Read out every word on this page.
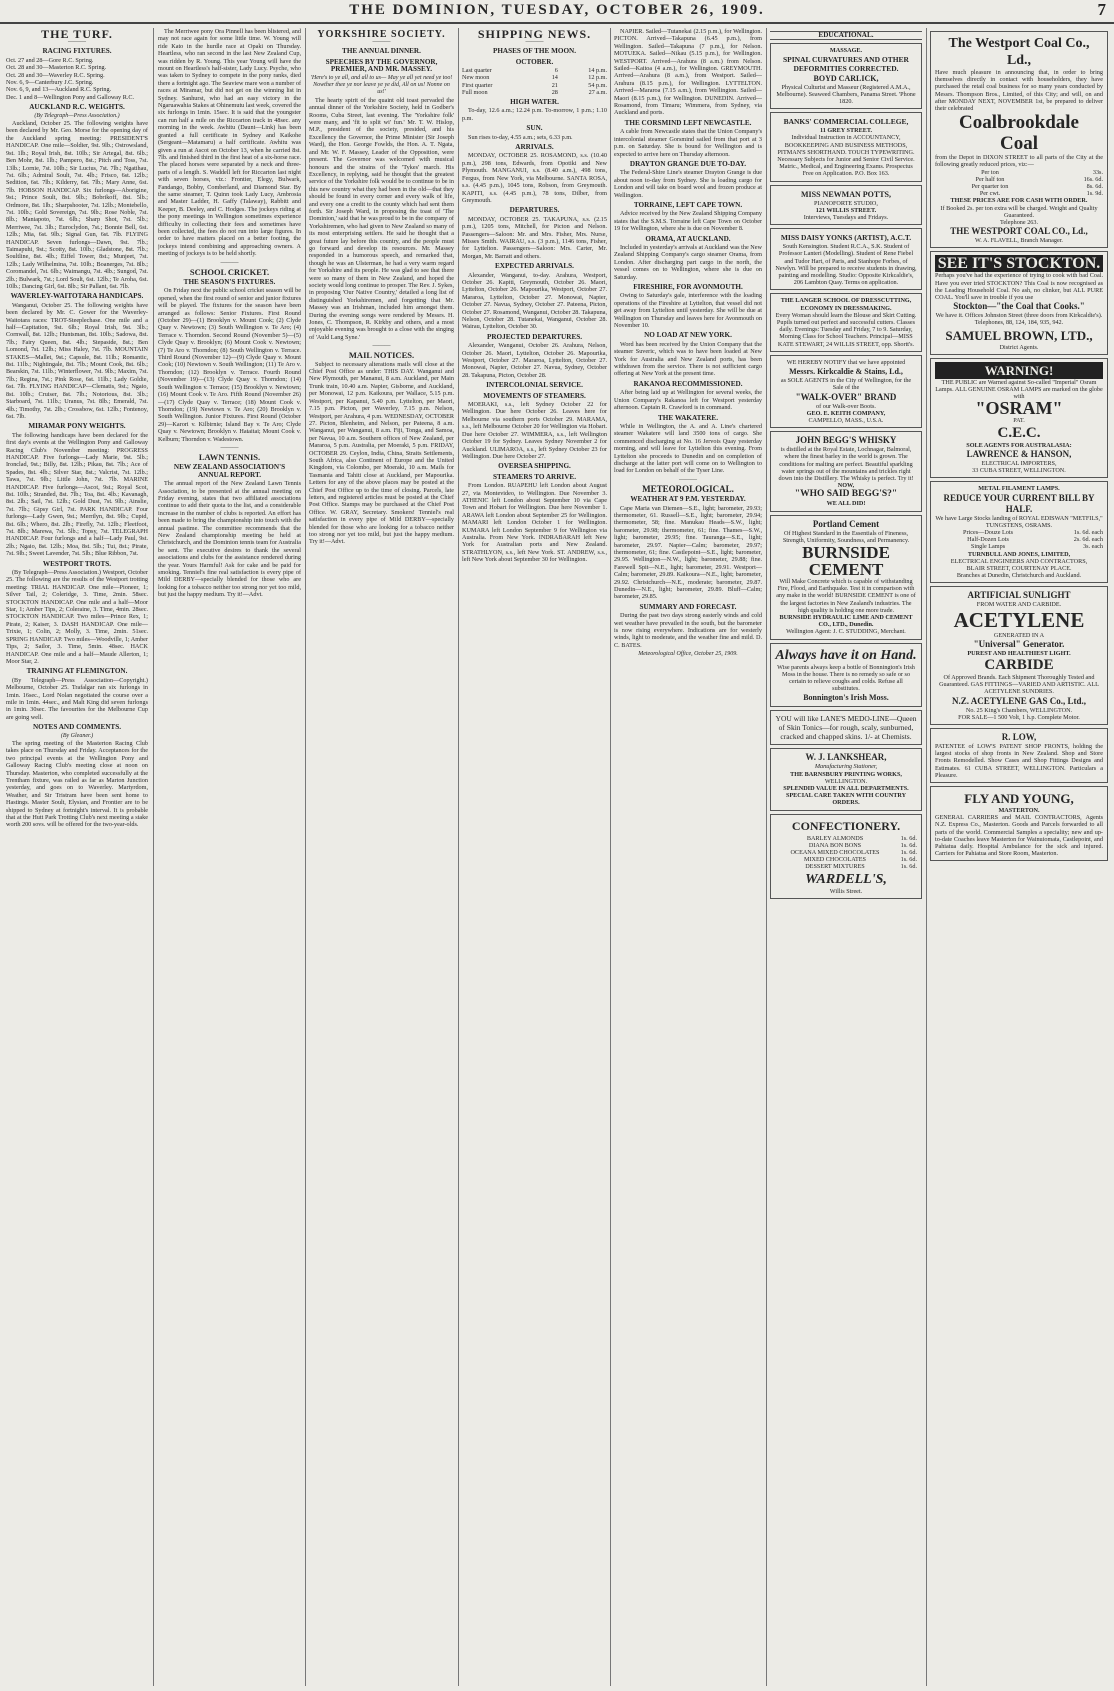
THE DOMINION, TUESDAY, OCTOBER 26, 1909.	7
THE TURF.
———
RACING FIXTURES.
Oct. 27 and 28—Gore R.C. Spring.
Oct. 28 and 30—Masterton R.C. Spring.
Oct. 28 and 30—Waverley R.C. Spring.
Nov. 6, 9—Canterbury J.C. Spring.
Nov. 6, 9, and 13—Auckland R.C. Spring.
Dec. 1 and 8—Wellington Pony and Galloway R.C.
AUCKLAND R.C. WEIGHTS.
(By Telegraph—Press Association.)
Auckland, October 25. The following weights have been declared by Mr. Geo. Morse for the opening day of the Auckland spring meeting: PRESIDENT'S HANDICAP. One mile—Soldier, 9st. 9lb.; Ostrowsland, 9st. 1lb.; Royal Irish, 8st. 10lb.; Sir Artegal, 8st. 6lb.; Ben Mohr, 8st. 1lb.; Pampero, 8st.; Pitch and Toss, 7st. 13lb.; Lornie, 7st. 10lb.; Sir Lucius, 7st. 7lb.; Ngatihau, 7st. 6lb.; Admiral Soult, 7st. 4lb.; Frisco, 6st. 12lb.; Sedition, 6st. 7lb.; Kilderry, 6st. 7lb.; Mary Anne, 6st. 7lb. HOBSON HANDICAP. Six furlongs—Aborigine, 9st.; Prince Soult, 8st. 9lb.; Bobrikoff, 8st. 5lb.; Ordmore, 8st. 1lb.; Sharpshooter, 7st. 12lb.; Montebello, 7st. 10lb.; Gold Sovereign, 7st. 9lb.; Rose Noble, 7st. 8lb.; Maniapoto, 7st. 6lb.; Sharp Shot, 7st. 5lb.; Merriwee, 7st. 3lb.; Euroclydon, 7st.; Bonnie Bell, 6st. 12lb.; Mia, 6st. 9lb.; Signal Gun, 6st. 7lb. FLYING HANDICAP. Seven furlongs—Dawn, 9st. 7lb.; Taimapuhi, 9st.; Scotty, 8st. 10lb.; Gladstone, 8st. 7lb.; Soultline, 8st. 4lb.; Eiffel Tower, 8st.; Munjeet, 7st. 12lb.; Lady Wilhelmina, 7st. 10lb.; Boanerges, 7st. 8lb.; Coromandel, 7st. 6lb.; Waimangu, 7st. 4lb.; Sungod, 7st. 2lb.; Bulwark, 7st.; Lord Soult, 6st. 12lb.; Te Aroha, 6st. 10lb.; Dancing Girl, 6st. 8lb.; Sir Pallant, 6st. 7lb.
WAVERLEY-WAITOTARA HANDICAPS.
Wanganui, October 25. The following weights have been declared by Mr. C. Gower for the Waverley-Waitotara races: TROT-Steeplechase. One mile and a half—Capitation, 9st. 6lb.; Royal Irish, 9st. 3lb.; Cornwall, 8st. 12lb.; Huntsman, 8st. 10lb.; Sadowa, 8st. 7lb.; Fairy Queen, 8st. 4lb.; Stepaside, 8st.; Ben Lomond, 7st. 12lb.; Miss Haley, 7st. 7lb. MOUNTAIN STAKES—Mallet, 9st.; Capsule, 8st. 11lb.; Romantic, 8st. 11lb.; Nightingale, 8st. 7lb.; Mount Cook, 8st. 6lb.; Bearskin, 7st. 11lb.; Winterflower, 7st. 9lb.; Maxim, 7st. 7lb.; Regina, 7st.; Pink Rose, 6st. 11lb.; Lady Goldie, 6st. 7lb. FLYING HANDICAP—Clematis, 9st.; Ngaio, 8st. 10lb.; Cruiser, 8st. 7lb.; Notorious, 8st. 3lb.; Starboard, 7st. 11lb.; Uranus, 7st. 8lb.; Emerald, 7st. 4lb.; Timothy, 7st. 2lb.; Crossbow, 6st. 12lb.; Fontenoy, 6st. 7lb.
MIRAMAR PONY WEIGHTS.
The following handicaps have been declared for the first day's events at the Wellington Pony and Galloway Racing Club's November meeting: PROGRESS HANDICAP. Five furlongs—Lady Marie, 9st. 5lb.; Ironclad, 9st.; Billy, 8st. 12lb.; Pikau, 8st. 7lb.; Ace of Spades, 8st. 4lb.; Silver Star, 8st.; Valcrist, 7st. 12lb.; Tawa, 7st. 9lb.; Little John, 7st. 7lb. MARINE HANDICAP. Five furlongs—Ascot, 9st.; Royal Scot, 8st. 10lb.; Stranded, 8st. 7lb.; Toa, 8st. 4lb.; Kavanagh, 8st. 2lb.; Sail, 7st. 12lb.; Gold Dust, 7st. 9lb.; Ainslie, 7st. 7lb.; Gipsy Girl, 7st. PARK HANDICAP. Four furlongs—Lady Gwen, 9st.; Merrilyn, 8st. 9lb.; Cupid, 8st. 6lb.; Whero, 8st. 2lb.; Firefly, 7st. 12lb.; Fleetfoot, 7st. 8lb.; Marewa, 7st. 5lb.; Topsy, 7st. TELEGRAPH HANDICAP. Four furlongs and a half—Lady Paul, 9st. 2lb.; Ngaio, 8st. 12lb.; Moa, 8st. 5lb.; Tui, 8st.; Pirate, 7st. 9lb.; Sweet Lavender, 7st. 5lb.; Blue Ribbon, 7st.
WESTPORT TROTS.
(By Telegraph—Press Association.) Westport, October 25. The following are the results of the Westport trotting meeting: TRIAL HANDICAP. One mile—Pioneer, 1; Silver Tail, 2; Coleridge, 3. Time, 2min. 58sec. STOCKTON HANDICAP. One mile and a half—Moor Star, 1; Amber Tips, 2; Coleraine, 3. Time, 4min. 28sec. STOCKTON HANDICAP. Two miles—Prince Rex, 1; Pirate, 2; Kaiser, 3. DASH HANDICAP. One mile—Trixie, 1; Colin, 2; Molly, 3. Time, 2min. 51sec. SPRING HANDICAP. Two miles—Woodville, 1; Amber Tips, 2; Sailor, 3. Time, 5min. 48sec. HACK HANDICAP. One mile and a half—Maude Allerton, 1; Moor Star, 2.
TRAINING AT FLEMINGTON.
(By Telegraph—Press Association—Copyright.) Melbourne, October 25. Trafalgar ran six furlongs in 1min. 16sec., Lord Nolan negotiated the course over a mile in 1min. 44sec., and Malt King did seven furlongs in 1min. 30sec. The favourites for the Melbourne Cup are going well.
NOTES AND COMMENTS.
(By Gleaner.)
The spring meeting of the Masterton Racing Club takes place on Thursday and Friday. Acceptances for the two principal events at the Wellington Pony and Galloway Racing Club's meeting close at noon on Thursday. Masterton, who completed successfully at the Trentham fixture, was railed as far as Marton Junction yesterday, and goes on to Waverley. Martyrdom, Weather, and Sir Tristram have been sent home to Hastings. Master Soult, Elysian, and Frontier are to be shipped to Sydney at fortnight's interval. It is probable that at the Hutt Park Trotting Club's next meeting a stake worth 200 sovs. will be offered for the two-year-olds.
The Merriwee pony Ora Pinnell has been blistered, and may not race again for some little time. W. Young will ride Kato in the hurdle race at Opaki on Thursday. Heartless, who ran second in the last New Zealand Cup, was ridden by R. Young. This year Young will have the mount on Heartless's half-sister, Lady Lucy. Psyche, who was taken to Sydney to compete in the pony ranks, died there a fortnight ago. The Seaview mare won a number of races at Miramar, but did not get on the winning list in Sydney. Sanhurst, who had an easy victory in the Ngaruawahia Stakes at Ohinemutu last week, covered the six furlongs in 1min. 15sec. It is said that the youngster can run half a mile on the Riccarton track in 48sec. any morning in the week. Awhitu (Daunt—Link) has been granted a full certificate in Sydney and Kaikohe (Sergeant—Matamaru) a half certificate. Awhitu was given a run at Ascot on October 13, when he carried 8st. 7lb. and finished third in the first heat of a six-horse race. The placed horses were separated by a neck and three-parts of a length. S. Waddell left for Riccarton last night with seven horses, viz.: Frontier, Elegy, Bulwark, Fandango, Bobby, Comberland, and Diamond Star. By the same steamer, T. Quinn took Lady Lucy, Ambrosia and Master Ladder, H. Gaffy (Talaway), Rabbitt and Keeper, B. Deeley, and C. Hodges. The jockeys riding at the pony meetings in Wellington sometimes experience difficulty in collecting their fees and sometimes have been collected, the fees do not run into large figures. In order to have matters placed on a better footing, the jockeys intend combining and approaching owners. A meeting of jockeys is to be held shortly.
———
SCHOOL CRICKET.
THE SEASON'S FIXTURES.
On Friday next the public school cricket season will be opened, when the first round of senior and junior fixtures will be played. The fixtures for the season have been arranged as follows: Senior Fixtures. First Round (October 29)—(1) Brooklyn v. Mount Cook; (2) Clyde Quay v. Newtown; (3) South Wellington v. Te Aro; (4) Terrace v. Thorndon. Second Round (November 5)—(5) Clyde Quay v. Brooklyn; (6) Mount Cook v. Newtown; (7) Te Aro v. Thorndon; (8) South Wellington v. Terrace. Third Round (November 12)—(9) Clyde Quay v. Mount Cook; (10) Newtown v. South Wellington; (11) Te Aro v. Thorndon; (12) Brooklyn v. Terrace. Fourth Round (November 19)—(13) Clyde Quay v. Thorndon; (14) South Wellington v. Terrace; (15) Brooklyn v. Newtown; (16) Mount Cook v. Te Aro. Fifth Round (November 26)—(17) Clyde Quay v. Terrace; (18) Mount Cook v. Thorndon; (19) Newtown v. Te Aro; (20) Brooklyn v. South Wellington. Junior Fixtures. First Round (October 29)—Karori v. Kilbirnie; Island Bay v. Te Aro; Clyde Quay v. Newtown; Brooklyn v. Hataitai; Mount Cook v. Kelburn; Thorndon v. Wadestown.
———
LAWN TENNIS.
NEW ZEALAND ASSOCIATION'S ANNUAL REPORT.
The annual report of the New Zealand Lawn Tennis Association, to be presented at the annual meeting on Friday evening, states that two affiliated associations continue to add their quota to the list, and a considerable increase in the number of clubs is reported. An effort has been made to bring the championship into touch with the annual pastime. The committee recommends that the New Zealand championship meeting be held at Christchurch, and the Dominion tennis team for Australia be sent. The executive desires to thank the several associations and clubs for the assistance rendered during the year. Yours Harmful! Ask for cake and be paid for smoking. Tenniel's fine real satisfaction is every pipe of Mild DERBY—specially blended for those who are looking for a tobacco neither too strong nor yet too mild, but just the happy medium. Try it!—Advt.
YORKSHIRE SOCIETY.
———
THE ANNUAL DINNER.
SPEECHES BY THE GOVERNOR, PREMIER, AND MR. MASSEY.
'Here's to ye all, and all to us— May ye all yet need ye too! Nowther thee ye nor leave ye ye did, All on us! Nonne on us!'
The hearty spirit of the quaint old toast pervaded the annual dinner of the Yorkshire Society, held in Godber's Rooms, Cuba Street, last evening. The 'Yorkshire folk' were many, and 'fit to split wi' fun.' Mr. T. W. Hislop, M.P., president of the society, presided, and his Excellency the Governor, the Prime Minister (Sir Joseph Ward), the Hon. George Fowlds, the Hon. A. T. Ngata, and Mr. W. F. Massey, Leader of the Opposition, were present. The Governor was welcomed with musical honours and the strains of the 'Tykes' march. His Excellency, in replying, said he thought that the greatest service of the Yorkshire folk would be to continue to be in this new country what they had been in the old—that they should be found in every corner and every walk of life, and every one a credit to the county which had sent them forth. Sir Joseph Ward, in proposing the toast of 'The Dominion,' said that he was proud to be in the company of Yorkshiremen, who had given to New Zealand so many of its most enterprising settlers. He said he thought that a great future lay before this country, and the people must go forward and develop its resources. Mr. Massey responded in a humorous speech, and remarked that, though he was an Ulsterman, he had a very warm regard for Yorkshire and its people. He was glad to see that there were so many of them in New Zealand, and hoped the society would long continue to prosper. The Rev. J. Sykes, in proposing 'Our Native Country,' detailed a long list of distinguished Yorkshiremen, and forgetting that Mr. Massey was an Irishman, included him amongst them. During the evening songs were rendered by Messrs. H. Jones, C. Thompson, R. Kirkby and others, and a most enjoyable evening was brought to a close with the singing of 'Auld Lang Syne.'
———
MAIL NOTICES.
Subject to necessary alterations mails will close at the Chief Post Office as under: THIS DAY. Wanganui and New Plymouth, per Mananui, 8 a.m. Auckland, per Main Trunk train, 10.40 a.m. Napier, Gisborne, and Auckland, per Monowai, 12 p.m. Kaikoura, per Wallace, 5.15 p.m. Westport, per Kapanui, 5.40 p.m. Lyttelton, per Maori, 7.15 p.m. Picton, per Waverley, 7.15 p.m. Nelson, Westport, per Arahura, 4 p.m. WEDNESDAY, OCTOBER 27. Picton, Blenheim, and Nelson, per Pateena, 8 a.m. Wanganui, per Wanganui, 8 a.m. Fiji, Tonga, and Samoa, per Navua, 10 a.m. Southern offices of New Zealand, per Mararoa, 5 p.m. Australia, per Moeraki, 5 p.m. FRIDAY, OCTOBER 29. Ceylon, India, China, Straits Settlements, South Africa, also Continent of Europe and the United Kingdom, via Colombo, per Moeraki, 10 a.m. Mails for Tasmania and Tahiti close at Auckland, per Mapourika. Letters for any of the above places may be posted at the Chief Post Office up to the time of closing. Parcels, late letters, and registered articles must be posted at the Chief Post Office. Stamps may be purchased at the Chief Post Office. W. GRAY, Secretary. Smokers! Tenniel's real satisfaction in every pipe of Mild DERBY—specially blended for those who are looking for a tobacco neither too strong nor yet too mild, but just the happy medium. Try it!—Advt.
SHIPPING NEWS.
———
PHASES OF THE MOON.
OCTOBER.
Last quarter	6	14 p.m.
New moon	14	12 p.m.
First quarter	21	54 p.m.
Full moon	28	27 a.m.
HIGH WATER.
To-day, 12.6 a.m.; 12.24 p.m. To-morrow, 1 p.m.; 1.10 p.m.
SUN.
Sun rises to-day, 4.55 a.m.; sets, 6.33 p.m.
ARRIVALS.
MONDAY, OCTOBER 25. ROSAMOND, s.s. (10.40 p.m.), 298 tons, Edwards, from Opotiki and New Plymouth. MANGANUI, s.s. (8.40 a.m.), 498 tons, Fergus, from New York, via Melbourne. SANTA ROSA, s.s. (4.45 p.m.), 1045 tons, Robson, from Greymouth. KAPITI, s.s. (4.45 p.m.), 78 tons, Dilber, from Greymouth.
DEPARTURES.
MONDAY, OCTOBER 25. TAKAPUNA, s.s. (2.15 p.m.), 1205 tons, Mitchell, for Picton and Nelson. Passengers—Saloon: Mr. and Mrs. Fisher, Mrs. Nurse, Misses Smith. WAIRAU, s.s. (3 p.m.), 1146 tons, Fisher, for Lyttelton. Passengers—Saloon: Mrs. Carter, Mr. Morgan, Mr. Barratt and others.
EXPECTED ARRIVALS.
Alexander, Wanganui, to-day. Arahura, Westport, October 26. Kapiti, Greymouth, October 26. Maori, Lyttelton, October 26. Mapourika, Westport, October 27. Mararoa, Lyttelton, October 27. Monowai, Napier, October 27. Navua, Sydney, October 27. Pateena, Picton, October 27. Rosamond, Wanganui, October 28. Takapuna, Nelson, October 28. Tutanekai, Wanganui, October 28. Wairau, Lyttelton, October 30.
PROJECTED DEPARTURES.
Alexander, Wanganui, October 26. Arahura, Nelson, October 26. Maori, Lyttelton, October 26. Mapourika, Westport, October 27. Mararoa, Lyttelton, October 27. Monowai, Napier, October 27. Navua, Sydney, October 28. Takapuna, Picton, October 28.
INTERCOLONIAL SERVICE.
MOVEMENTS OF STEAMERS.
MOERAKI, s.s., left Sydney October 22 for Wellington. Due here October 26. Leaves here for Melbourne via southern ports October 29. MARAMA, s.s., left Melbourne October 20 for Wellington via Hobart. Due here October 27. WIMMERA, s.s., left Wellington October 19 for Sydney. Leaves Sydney November 2 for Auckland. ULIMAROA, s.s., left Sydney October 23 for Wellington. Due here October 27.
OVERSEA SHIPPING.
STEAMERS TO ARRIVE.
From London. RUAPEHU left London about August 27, via Montevideo, to Wellington. Due November 3. ATHENIC left London about September 10 via Cape Town and Hobart for Wellington. Due here November 1. ARAWA left London about September 25 for Wellington. MAMARI left London October 1 for Wellington. KUMARA left London September 9 for Wellington via Australia. From New York. INDRABARAH left New York for Australian ports and New Zealand. STRATHLYON, s.s., left New York. ST. ANDREW, s.s., left New York about September 30 for Wellington.
NAPIER. Sailed—Tutanekai (2.15 p.m.), for Wellington. PICTON. Arrived—Takapuna (6.45 p.m.), from Wellington. Sailed—Takapuna (7 p.m.), for Nelson. MOTUEKA. Sailed—Nikau (5.15 p.m.), for Wellington. WESTPORT. Arrived—Arahura (8 a.m.) from Nelson. Sailed—Kaitoa (4 a.m.), for Wellington. GREYMOUTH. Arrived—Arahura (8 a.m.), from Westport. Sailed—Arahura (8.15 p.m.), for Wellington. LYTTELTON. Arrived—Mararoa (7.15 a.m.), from Wellington. Sailed—Maori (8.15 p.m.), for Wellington. DUNEDIN. Arrived—Rosamond, from Timaru; Wimmera, from Sydney, via Auckland and ports.
THE CORSMIND LEFT NEWCASTLE.
A cable from Newcastle states that the Union Company's intercolonial steamer Gorsmind sailed from that port at 3 p.m. on Saturday. She is bound for Wellington and is expected to arrive here on Thursday afternoon.
DRAYTON GRANGE DUE TO-DAY.
The Federal-Shire Line's steamer Drayton Grange is due about noon to-day from Sydney. She is loading cargo for London and will take on board wool and frozen produce at Wellington.
TORRAINE, LEFT CAPE TOWN.
Advice received by the New Zealand Shipping Company states that the S.M.S. Torraine left Cape Town on October 19 for Wellington, where she is due on November 8.
ORAMA, AT AUCKLAND.
Included in yesterday's arrivals at Auckland was the New Zealand Shipping Company's cargo steamer Orama, from London. After discharging part cargo in the north, the vessel comes on to Wellington, where she is due on Saturday.
FIRESHIRE, FOR AVONMOUTH.
Owing to Saturday's gale, interference with the loading operations of the Fireshire at Lyttelton, that vessel did not get away from Lyttelton until yesterday. She will be due at Wellington on Thursday and leaves here for Avonmouth on November 10.
NO LOAD AT NEW YORK.
Word has been received by the Union Company that the steamer Suveric, which was to have been loaded at New York for Australia and New Zealand ports, has been withdrawn from the service. There is not sufficient cargo offering at New York at the present time.
RAKANOA RECOMMISSIONED.
After being laid up at Wellington for several weeks, the Union Company's Rakanoa left for Westport yesterday afternoon. Captain R. Crawford is in command.
THE WAKATERE.
While in Wellington, the A. and A. Line's chartered steamer Wakatere will land 3500 tons of cargo. She commenced discharging at No. 16 Jervois Quay yesterday morning, and will leave for Lyttelton this evening. From Lyttelton she proceeds to Dunedin and on completion of discharge at the latter port will come on to Wellington to load for London on behalf of the Tyser Line.
———
METEOROLOGICAL.
WEATHER AT 9 P.M. YESTERDAY.
Cape Maria van Diemen—S.E., light; barometer, 29.93; thermometer, 61. Russell—S.E., light; barometer, 29.94; thermometer, 58; fine. Manukau Heads—S.W., light; barometer, 29.98; thermometer, 61; fine. Thames—S.W., light; barometer, 29.95; fine. Tauranga—S.E., light; barometer, 29.97. Napier—Calm; barometer, 29.97; thermometer, 61; fine. Castlepoint—S.E., light; barometer, 29.95. Wellington—N.W., light; barometer, 29.88; fine. Farewell Spit—N.E., light; barometer, 29.91. Westport—Calm; barometer, 29.89. Kaikoura—N.E., light; barometer, 29.92. Christchurch—N.E., moderate; barometer, 29.87. Dunedin—N.E., light; barometer, 29.89. Bluff—Calm; barometer, 29.85.
SUMMARY AND FORECAST.
During the past two days strong easterly winds and cold wet weather have prevailed in the south, but the barometer is now rising everywhere. Indications are for westerly winds, light to moderate, and the weather fine and mild. D. C. BATES.
Meteorological Office, October 25, 1909.
EDUCATIONAL.
MASSAGE.
SPINAL CURVATURES AND OTHER DEFORMITIES CORRECTED.
BOYD CARLICK,
Physical Culturist and Masseur (Registered A.M.A., Melbourne). Seaweed Chambers, Panama Street. 'Phone 1820.
BANKS' COMMERCIAL COLLEGE,
11 GREY STREET.
Individual Instruction in ACCOUNTANCY, BOOKKEEPING AND BUSINESS METHODS, PITMAN'S SHORTHAND. TOUCH TYPEWRITING. Necessary Subjects for Junior and Senior Civil Service. Matric., Medical, and Engineering Exams. Prospectus Free on Application. P.O. Box 163.
MISS NEWMAN POTTS,
PIANOFORTE STUDIO,
121 WILLIS STREET.
Interviews, Tuesdays and Fridays.
MISS DAISY YONKS (ARTIST), A.C.T.
South Kensington. Student R.C.A., S.K. Student of Professor Lanteri (Modelling). Student of Rene Fiebel and Tudor Hart, of Paris, and Stanhope Forbes, of Newlyn. Will be prepared to receive students in drawing, painting and modelling. Studio: Opposite Kirkcaldie's, 206 Lambton Quay. Terms on application.
THE LANGER SCHOOL OF DRESSCUTTING,
ECONOMY IN DRESSMAKING.
Every Woman should learn the Blouse and Skirt Cutting. Pupils turned out perfect and successful cutters. Classes daily. Evenings: Tuesday and Friday, 7 to 9. Saturday, Morning Class for School Teachers. Principal—MISS KATE STEWART, 24 WILLIS STREET, opp. Shortt's.
WE HEREBY NOTIFY that we have appointed
Messrs. Kirkcaldie & Stains, Ld.,
as SOLE AGENTS in the City of Wellington, for the Sale of the
"WALK-OVER" BRAND
of our Walk-over Boots.
GEO. E. KEITH COMPANY,
CAMPELLO, MASS., U.S.A.
JOHN BEGG'S WHISKY
is distilled at the Royal Estate, Lochnagar, Balmoral, where the finest barley in the world is grown. The conditions for malting are perfect. Beautiful sparkling water springs out of the mountains and trickles right down into the Distillery. The Whisky is perfect. Try it!
NOW,
"WHO SAID BEGG'S?"
WE ALL DID!
Portland Cement
Of Highest Standard in the Essentials of Fineness, Strength, Uniformity, Soundness, and Permanency.
BURNSIDE
CEMENT
Will Make Concrete which is capable of withstanding Fire, Flood, and Earthquake. Test it in comparison with any make in the world! BURNSIDE CEMENT is one of the largest factories in New Zealand's industries. The high quality is holding one more trade.
BURNSIDE HYDRAULIC LIME AND CEMENT CO., LTD., Dunedin.
Wellington Agent: J. C. STUDDING, Merchant.
Always have it on Hand.
Wise parents always keep a bottle of Bonnington's Irish Moss in the house. There is no remedy so safe or so certain to relieve coughs and colds. Refuse all substitutes.
Bonnington's Irish Moss.
YOU will like LANE'S MEDO-LINE—Queen of Skin Tonics—for rough, scaly, sunburned, cracked and chapped skins. 1/- at Chemists.
W. J. LANKSHEAR,
Manufacturing Stationer,
THE BARNSBURY PRINTING WORKS,
WELLINGTON.
SPLENDID VALUE IN ALL DEPARTMENTS.
SPECIAL CARE TAKEN WITH COUNTRY ORDERS.
CONFECTIONERY.
BARLEY ALMONDS	1s. 6d.
DIANA BON BONS	1s. 6d.
OCEANA MIXED CHOCOLATES	1s. 6d.
MIXED CHOCOLATES	1s. 6d.
DESSERT MIXTURES	1s. 6d.
WARDELL'S,
Willis Street.
The Westport Coal Co., Ld.,
Have much pleasure in announcing that, in order to bring themselves directly in contact with householders, they have purchased the retail coal business for so many years conducted by Messrs. Thompson Bros., Limited, of this City; and will, on and after MONDAY NEXT, NOVEMBER 1st, be prepared to deliver their celebrated
Coalbrookdale
Coal
from the Depot in DIXON STREET to all parts of the City at the following greatly reduced prices, viz:—
Per ton	33s.
Per half ton	16s. 6d.
Per quarter ton	8s. 6d.
Per cwt.	1s. 9d.
THESE PRICES ARE FOR CASH WITH ORDER.
If Booked 2s. per ton extra will be charged. Weight and Quality Guaranteed.
Telephone 263.
THE WESTPORT COAL CO., Ld.,
W. A. FLAVELL, Branch Manager.
SEE IT'S STOCKTON.
Perhaps you've had the experience of trying to cook with bad Coal. Have you ever tried STOCKTON? This Coal is now recognised as the Leading Household Coal. No ash, no clinker, but ALL PURE COAL. You'll save in trouble if you use
Stockton—"the Coal that Cooks."
We have it. Offices Johnston Street (three doors from Kirkcaldie's). Telephones, 88, 124, 184, 935, 942.
SAMUEL BROWN, LTD.,
District Agents.
WARNING!
THE PUBLIC are Warned against So-called "Imperial" Osram Lamps. ALL GENUINE OSRAM LAMPS are marked on the globe with
"OSRAM"
PAT.
C.E.C.
SOLE AGENTS FOR AUSTRALASIA:
LAWRENCE & HANSON,
ELECTRICAL IMPORTERS,
33 CUBA STREET, WELLINGTON.
METAL FILAMENT LAMPS.
REDUCE YOUR CURRENT BILL BY HALF.
We have Large Stocks landing of ROYAL EDISWAN "METFILS," TUNGSTENS, OSRAMS.
Prices—Douze Lots	1s. 6d. each
Half-Dozen Lots	2s. 6d. each
Single Lamps	3s. each
TURNBULL AND JONES, LIMITED,
ELECTRICAL ENGINEERS AND CONTRACTORS,
BLAIR STREET, COURTENAY PLACE.
Branches at Dunedin, Christchurch and Auckland.
ARTIFICIAL SUNLIGHT
FROM WATER AND CARBIDE.
ACETYLENE
GENERATED IN A
"Universal" Generator.
PUREST AND HEALTHIEST LIGHT.
CARBIDE
Of Approved Brands. Each Shipment Thoroughly Tested and Guaranteed. GAS FITTINGS—VARIED AND ARTISTIC. ALL ACETYLENE SUNDRIES.
N.Z. ACETYLENE GAS Co., Ltd.,
No. 25 King's Chambers, WELLINGTON.
FOR SALE—1 500 Volt, 1 h.p. Complete Motor.
R. LOW,
PATENTEE of LOW'S PATENT SHOP FRONTS, holding the largest stocks of shop fronts in New Zealand. Shop and Store Fronts Remodelled. Show Cases and Shop Fittings Designs and Estimates. 61 CUBA STREET, WELLINGTON. Particulars a Pleasure.
FLY AND YOUNG,
MASTERTON.
GENERAL CARRIERS and MAIL CONTRACTORS, Agents N.Z. Express Co., Masterton. Goods and Parcels forwarded to all parts of the world. Commercial Samples a speciality; new and up-to-date Coaches leave Masterton for Wainuiomata, Castlepoint, and Pahiatua daily. Hospital Ambulance for the sick and injured. Carriers for Pahiatua and Store Room, Masterton.
